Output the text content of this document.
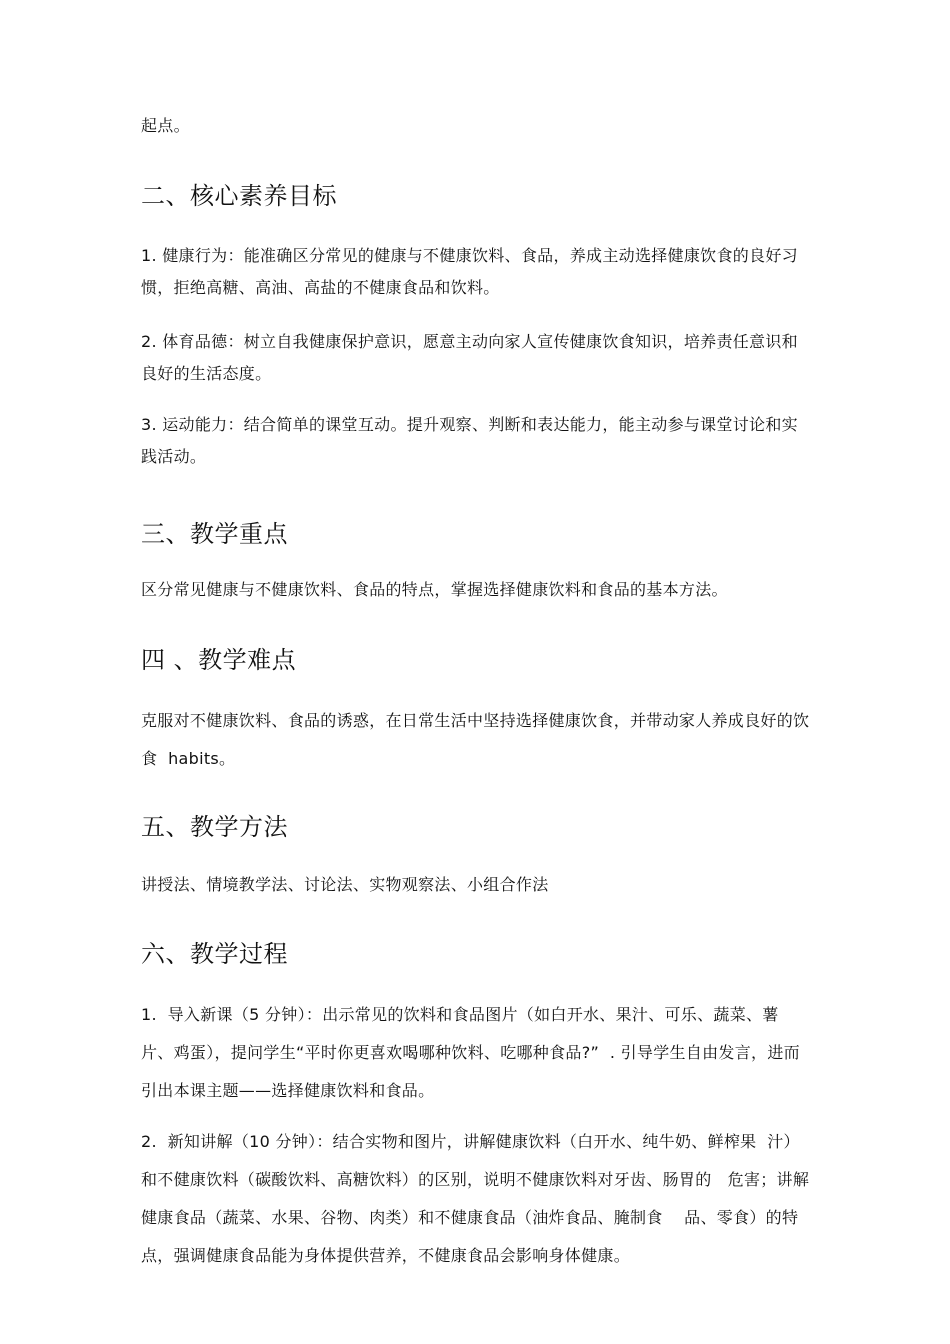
起点。

二、核心素养目标

1. 健康行为：能准确区分常见的健康与不健康饮料、食品，养成主动选择健康饮食的良好习惯，拒绝高糖、高油、高盐的不健康食品和饮料。

2. 体育品德：树立自我健康保护意识，愿意主动向家人宣传健康饮食知识，培养责任意识和良好的生活态度。

3. 运动能力：结合简单的课堂互动。提升观察、判断和表达能力，能主动参与课堂讨论和实践活动。

三、教学重点

区分常见健康与不健康饮料、食品的特点，掌握选择健康饮料和食品的基本方法。

四 、教学难点

克服对不健康饮料、食品的诱惑，在日常生活中坚持选择健康饮食，并带动家人养成良好的饮食  habits。

五、教学方法

讲授法、情境教学法、讨论法、实物观察法、小组合作法

六、教学过程

1.  导入新课（5 分钟）：出示常见的饮料和食品图片（如白开水、果汁、可乐、蔬菜、薯片、鸡蛋），提问学生“平时你更喜欢喝哪种饮料、吃哪种食品?”  . 引导学生自由发言，进而引出本课主题——选择健康饮料和食品。

2.  新知讲解（10 分钟）：结合实物和图片，讲解健康饮料（白开水、纯牛奶、鲜榨果  汁）和不健康饮料（碳酸饮料、高糖饮料）的区别，说明不健康饮料对牙齿、肠胃的   危害；讲解健康食品（蔬菜、水果、谷物、肉类）和不健康食品（油炸食品、腌制食    品、零食）的特点，强调健康食品能为身体提供营养，不健康食品会影响身体健康。
